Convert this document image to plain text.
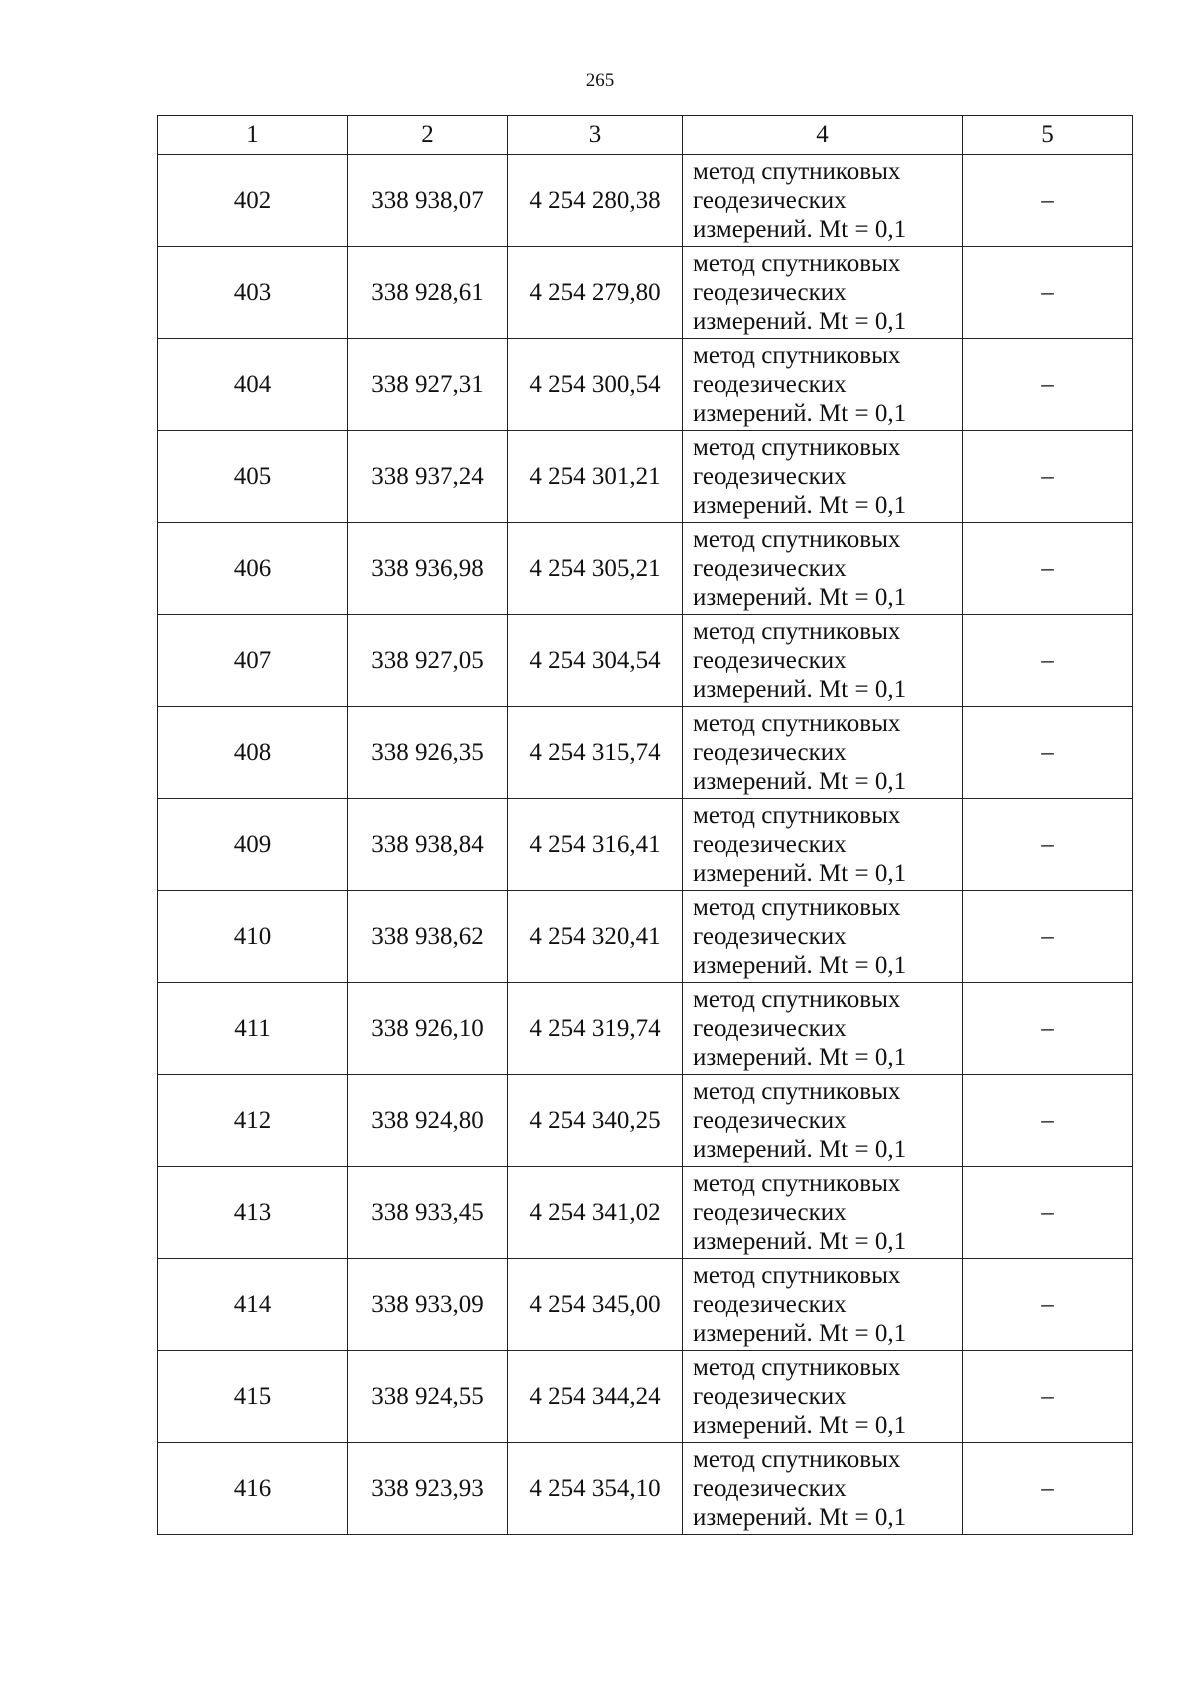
265
1	2	3	4	5
402	338 938,07	4 254 280,38	метод спутниковых
геодезических
измерений. Mt = 0,1	–
403	338 928,61	4 254 279,80	метод спутниковых
геодезических
измерений. Mt = 0,1	–
404	338 927,31	4 254 300,54	метод спутниковых
геодезических
измерений. Mt = 0,1	–
405	338 937,24	4 254 301,21	метод спутниковых
геодезических
измерений. Mt = 0,1	–
406	338 936,98	4 254 305,21	метод спутниковых
геодезических
измерений. Mt = 0,1	–
407	338 927,05	4 254 304,54	метод спутниковых
геодезических
измерений. Mt = 0,1	–
408	338 926,35	4 254 315,74	метод спутниковых
геодезических
измерений. Mt = 0,1	–
409	338 938,84	4 254 316,41	метод спутниковых
геодезических
измерений. Mt = 0,1	–
410	338 938,62	4 254 320,41	метод спутниковых
геодезических
измерений. Mt = 0,1	–
411	338 926,10	4 254 319,74	метод спутниковых
геодезических
измерений. Mt = 0,1	–
412	338 924,80	4 254 340,25	метод спутниковых
геодезических
измерений. Mt = 0,1	–
413	338 933,45	4 254 341,02	метод спутниковых
геодезических
измерений. Mt = 0,1	–
414	338 933,09	4 254 345,00	метод спутниковых
геодезических
измерений. Mt = 0,1	–
415	338 924,55	4 254 344,24	метод спутниковых
геодезических
измерений. Mt = 0,1	–
416	338 923,93	4 254 354,10	метод спутниковых
геодезических
измерений. Mt = 0,1	–
